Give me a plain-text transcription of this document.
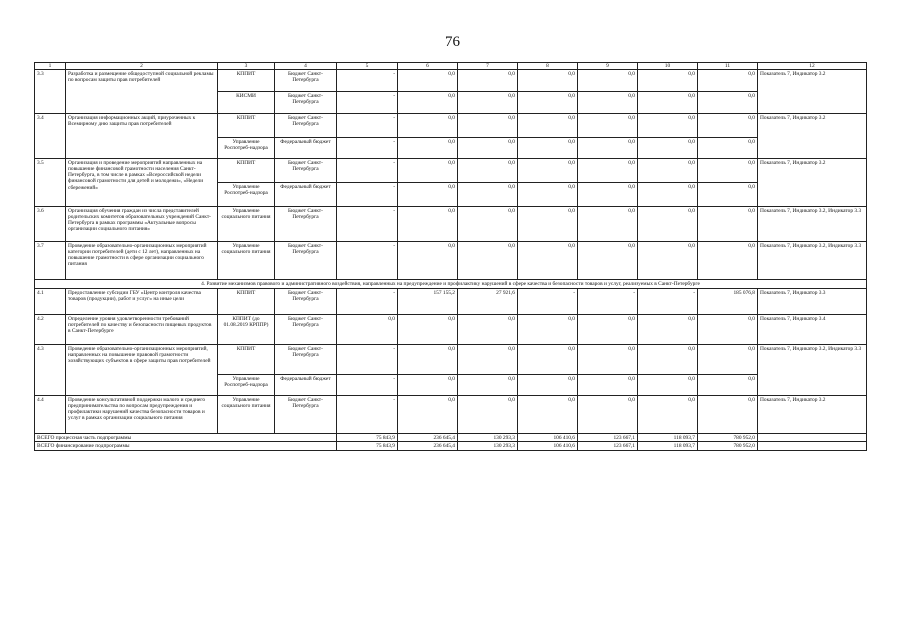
76
1	2	3	4	5	6	7	8	9	10	11	12
3.3	Разработка и размещение общедоступной социальной рекламы по вопросам защиты прав потребителей	КППИТ	Бюджет Санкт-Петербурга	-	0,0	0,0	0,0	0,0	0,0	0,0	Показатель 7, Индикатор 3.2
		КИСМИ	Бюджет Санкт-Петербурга	-	0,0	0,0	0,0	0,0	0,0	0,0	
3.4	Организация информационных акций, приуроченных к Всемирному дню защиты прав потребителей	КППИТ	Бюджет Санкт-Петербурга	-	0,0	0,0	0,0	0,0	0,0	0,0	Показатель 7, Индикатор 3.2
		Управление Роспотреб-надзора	Федеральный бюджет	-	0,0	0,0	0,0	0,0	0,0	0,0	
3.5	Организация и проведение мероприятий направленных на повышение финансовой грамотности населения Санкт-Петербурга, в том числе в рамках «Всероссийской недели финансовой грамотности для детей и молодежи», «Недели сбережений»	КППИТ	Бюджет Санкт-Петербурга	-	0,0	0,0	0,0	0,0	0,0	0,0	Показатель 7, Индикатор 3.2
		Управление Роспотреб-надзора	Федеральный бюджет	-	0,0	0,0	0,0	0,0	0,0	0,0	
3.6	Организация обучения граждан из числа представителей родительских комитетов образовательных учреждений Санкт-Петербурга в рамках программы «Актуальные вопросы организации социального питания»	Управление социального питания	Бюджет Санкт-Петербурга	-	0,0	0,0	0,0	0,0	0,0	0,0	Показатель 7, Индикатор 3.2, Индикатор 3.3
3.7	Проведение образовательно-организационных мероприятий категории потребителей (дети с 12 лет), направленных на повышение грамотности в сфере организации социального питания	Управление социального питания	Бюджет Санкт-Петербурга	-	0,0	0,0	0,0	0,0	0,0	0,0	Показатель 7, Индикатор 3.2, Индикатор 3.3
4. Развитие механизмов правового и административного воздействия, направленных на предупреждение и профилактику нарушений в сфере качества и безопасности товаров и услуг, реализуемых в Санкт-Петербурге											
4.1	Предоставление субсидии ГБУ «Центр контроля качества товаров (продукции), работ и услуг» на иные цели	КППИТ	Бюджет Санкт-Петербурга	-	157 155,2	27 921,6	-	-	-	185 076,8	Показатель 7, Индикатор 3.3
4.2	Определение уровня удовлетворенности требований потребителей по качеству и безопасности пищевых продуктов в Санкт-Петербурге	КППИТ (до 01.08.2019 КРППР)	Бюджет Санкт-Петербурга	0,0	0,0	0,0	0,0	0,0	0,0	0,0	Показатель 7, Индикатор 3.4
4.3	Проведение образовательно-организационных мероприятий, направленных на повышение правовой грамотности хозяйствующих субъектов в сфере защиты прав потребителей	КППИТ	Бюджет Санкт-Петербурга	-	0,0	0,0	0,0	0,0	0,0	0,0	Показатель 7, Индикатор 3.2, Индикатор 3.3
		Управление Роспотреб-надзора	Федеральный бюджет	-	0,0	0,0	0,0	0,0	0,0	0,0	
4.4	Проведение консультативной поддержки малого и среднего предпринимательства по вопросам предупреждения и профилактики нарушений качества безопасности товаров и услуг в рамках организации социального питания	Управление социального питания	Бюджет Санкт-Петербурга	-	0,0	0,0	0,0	0,0	0,0	0,0	Показатель 7, Индикатор 3.2
ВСЕГО процессная часть подпрограммы				75 843,9	236 645,4	130 293,3	106 410,6	123 667,1	118 093,7	780 952,0	
ВСЕГО финансирование подпрограммы				75 843,9	236 645,4	130 293,3	106 410,6	123 667,1	118 093,7	780 952,0	
